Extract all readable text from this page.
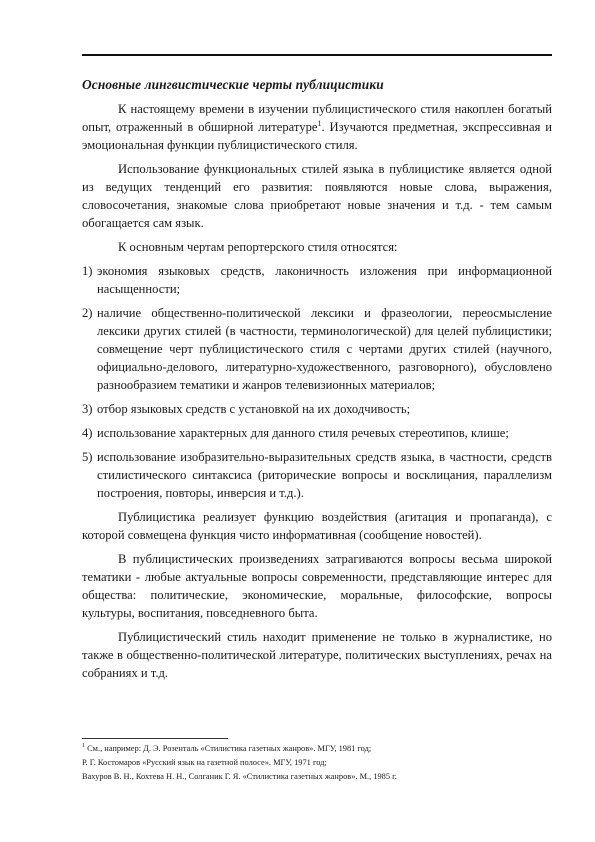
Основные лингвистические черты публицистики

К настоящему времени в изучении публицистического стиля накоплен богатый опыт, отраженный в обширной литературе$^1$. Изучаются предметная, экспрессивная и эмоциональная функции публицистического стиля.

Использование функциональных стилей языка в публицистике является одной из ведущих тенденций его развития: появляются новые слова, выражения, словосочетания, знакомые слова приобретают новые значения и т.д. - тем самым обогащается сам язык.

К основным чертам репортерского стиля относятся:

1) экономия языковых средств, лаконичность изложения при информационной насыщенности;
2) наличие общественно-политической лексики и фразеологии, переосмысление лексики других стилей (в частности, терминологической) для целей публицистики; совмещение черт публицистического стиля с чертами других стилей (научного, официально-делового, литературно-художественного, разговорного), обусловлено разнообразием тематики и жанров телевизионных материалов;
3) отбор языковых средств с установкой на их доходчивость;
4) использование характерных для данного стиля речевых стереотипов, клише;
5) использование изобразительно-выразительных средств языка, в частности, средств стилистического синтаксиса (риторические вопросы и восклицания, параллелизм построения, повторы, инверсия и т.д.).

Публицистика реализует функцию воздействия (агитация и пропаганда), с которой совмещена функция чисто информативная (сообщение новостей).

В публицистических произведениях затрагиваются вопросы весьма широкой тематики - любые актуальные вопросы современности, представляющие интерес для общества: политические, экономические, моральные, философские, вопросы культуры, воспитания, повседневного быта.

Публицистический стиль находит применение не только в журналистике, но также в общественно-политической литературе, политических выступлениях, речах на собраниях и т.д.

$^1$ См., например: Д. Э. Розенталь «Стилистика газетных жанров». МГУ, 1981 год;
Р. Г. Костомаров «Русский язык на газетной полосе». МГУ, 1971 год;
Вахуров В. Н., Кохтева Н. Н., Солганик Г. Я. «Стилистика газетных жанров». М., 1985 г.
